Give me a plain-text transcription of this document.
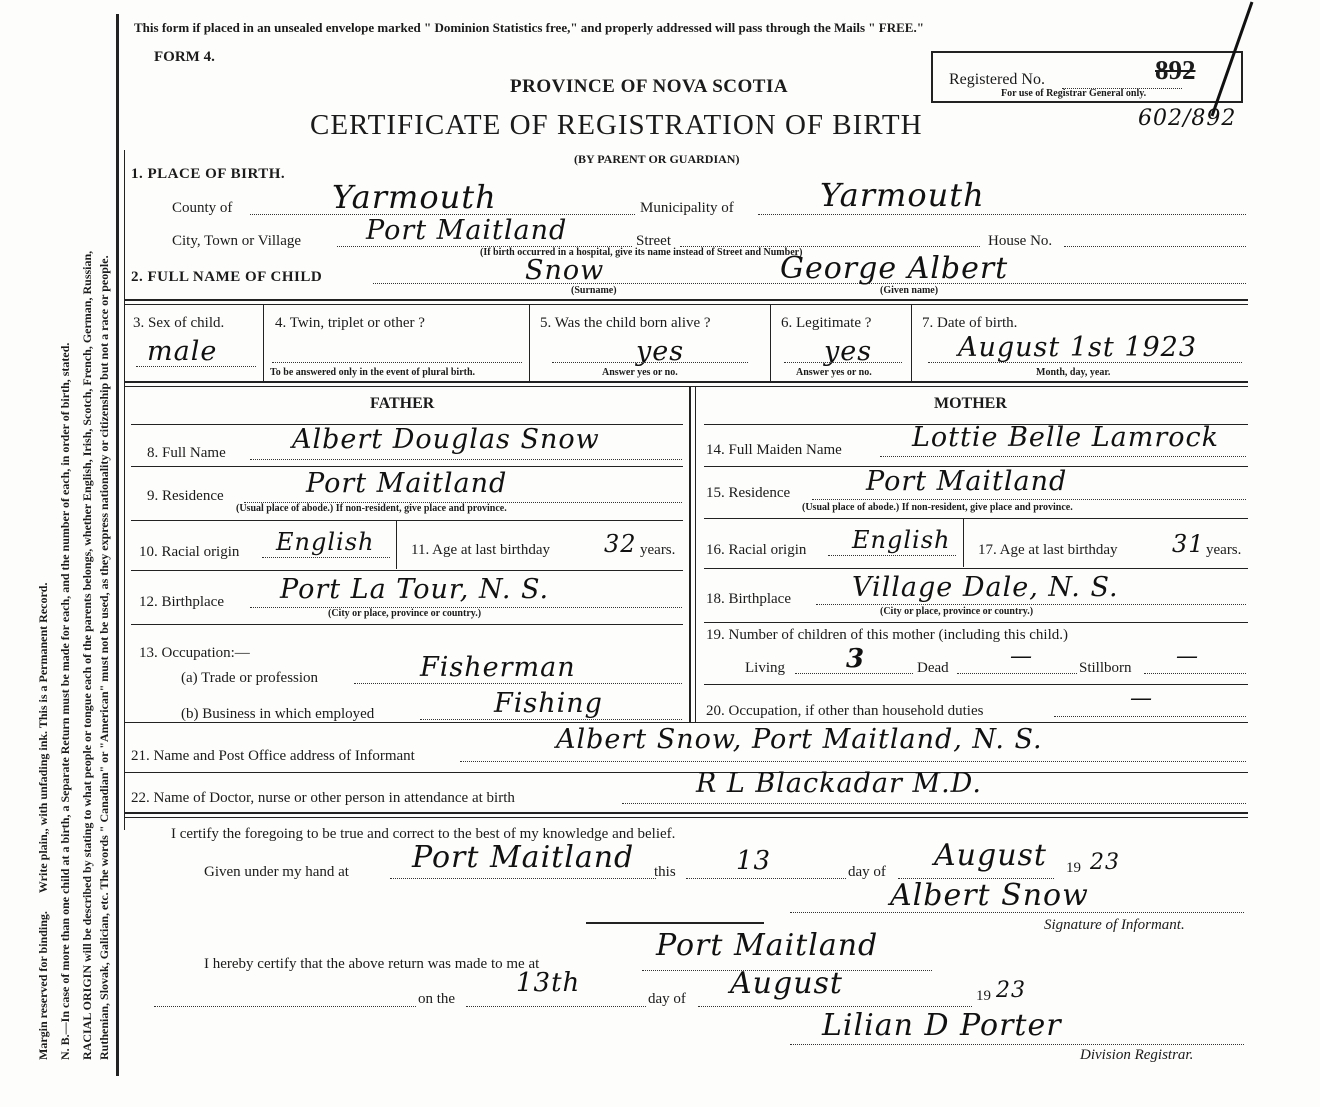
Margin reserved for binding.      Write plain,, with unfading ink. This is a Permanent Record. N. B.—In case of more than one child at a birth, a Separate Return must be made for each, and the number of each, in order of birth, stated. RACIAL ORIGIN will be described by stating to what people or tongue each of the parents belongs, whether English, Irish, Scotch, French, German, Russian, Ruthenian, Slovak, Galician, etc. The words " Canadian" or "American" must not be used, as they express nationality or citizenship but not a race or people.
This form if placed in an unsealed envelope marked " Dominion Statistics free," and properly addressed will pass through the Mails " FREE."
FORM 4.
PROVINCE OF NOVA SCOTIA
CERTIFICATE OF REGISTRATION OF BIRTH
(BY PARENT OR GUARDIAN)
Registered No.	892
For use of Registrar General only.
602/892
1. PLACE OF BIRTH.
County of	Yarmouth	Municipality of	Yarmouth
City, Town or Village Port Maitland	Street
(If birth occurred in a hospital, give its name instead of Street and Number)
House No.
2. FULL NAME OF CHILD	Snow
(Surname)
George Albert
(Given name)
3. Sex of child.
male
4. Twin, triplet or other ?
To be answered only in the event of plural birth.
5. Was the child born alive ?
yes
Answer yes or no.
6. Legitimate ?
yes
Answer yes or no.
7. Date of birth.
August 1st 1923
Month, day, year.
FATHER	MOTHER
8. Full Name Albert Douglas Snow
9. Residence	Port Maitland
(Usual place of abode.) If non-resident, give place and province.
10. Racial origin English 11. Age at last birthday 32 years.
12. Birthplace Port La Tour, N. S.
(City or place, province or country.)
13. Occupation:—
(a) Trade or profession	Fisherman
(b) Business in which employed	Fishing
14. Full Maiden Name	Lottie Belle Lamrock
15. Residence	Port Maitland
(Usual place of abode.) If non-resident, give place and province.
16. Racial origin English 17. Age at last birthday 31 years.
18. Birthplace Village Dale, N. S.
(City or place, province or country.)
19. Number of children of this mother (including this child.)
Living 3	Dead	—	Stillborn —
20. Occupation, if other than household duties	—
21. Name and Post Office address of Informant
Albert Snow, Port Maitland, N. S.
22. Name of Doctor, nurse or other person in attendance at birth	R L Blackadar M.D.
I certify the foregoing to be true and correct to the best of my knowledge and belief.
Given under my hand at Port Maitland this 13	day of August 19 23
Albert Snow
Signature of Informant.
I hereby certify that the above return was made to me at
Port Maitland
on the
13th
day of August	19 23
Lilian D Porter
Division Registrar.
